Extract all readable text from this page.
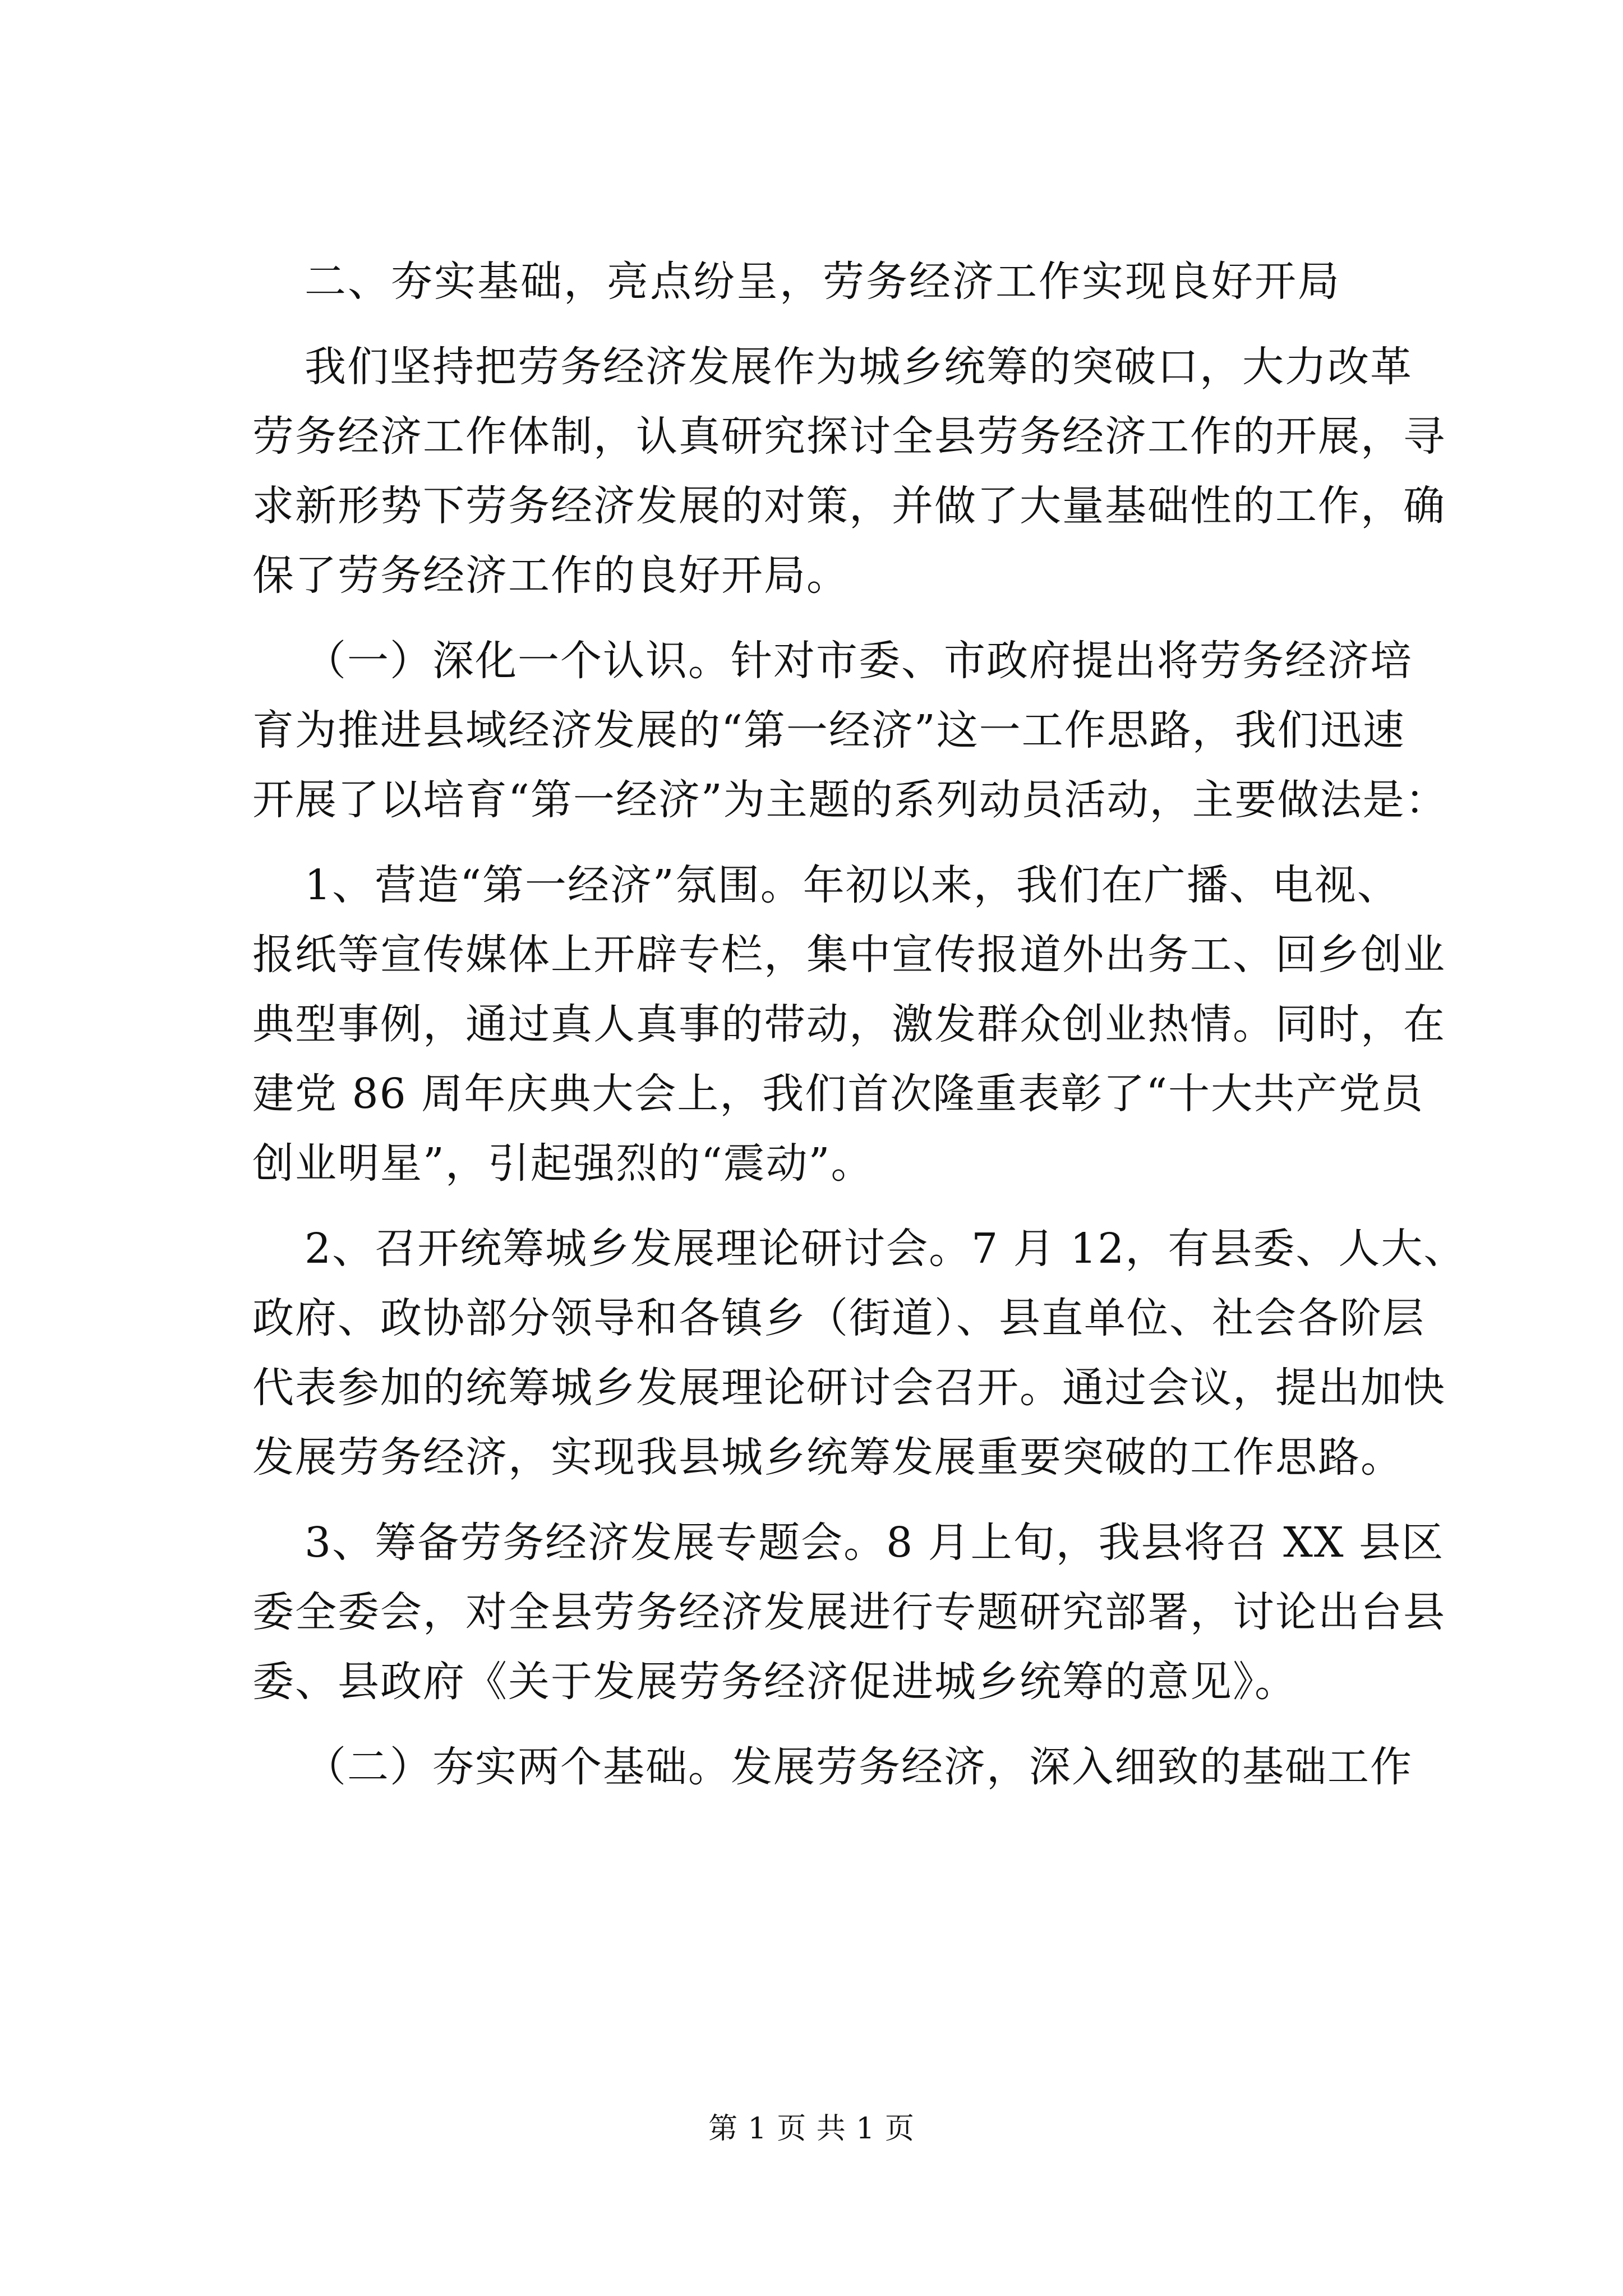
二、夯实基础，亮点纷呈，劳务经济工作实现良好开局

我们坚持把劳务经济发展作为城乡统筹的突破口，大力改革

劳务经济工作体制，认真研究探讨全县劳务经济工作的开展，寻

求新形势下劳务经济发展的对策，并做了大量基础性的工作，确

保了劳务经济工作的良好开局。

（一）深化一个认识。针对市委、市政府提出将劳务经济培

育为推进县域经济发展的“第一经济”这一工作思路，我们迅速

开展了以培育“第一经济”为主题的系列动员活动，主要做法是：

1、营造“第一经济”氛围。年初以来，我们在广播、电视、

报纸等宣传媒体上开辟专栏，集中宣传报道外出务工、回乡创业

典型事例，通过真人真事的带动，激发群众创业热情。同时，在

建党 86 周年庆典大会上，我们首次隆重表彰了“十大共产党员

创业明星”，引起强烈的“震动”。

2、召开统筹城乡发展理论研讨会。7 月 12，有县委、人大、

政府、政协部分领导和各镇乡（街道）、县直单位、社会各阶层

代表参加的统筹城乡发展理论研讨会召开。通过会议，提出加快

发展劳务经济，实现我县城乡统筹发展重要突破的工作思路。

3、筹备劳务经济发展专题会。8 月上旬，我县将召 XX 县区

委全委会，对全县劳务经济发展进行专题研究部署，讨论出台县

委、县政府《关于发展劳务经济促进城乡统筹的意见》。

（二）夯实两个基础。发展劳务经济，深入细致的基础工作

第 1 页 共 1 页
